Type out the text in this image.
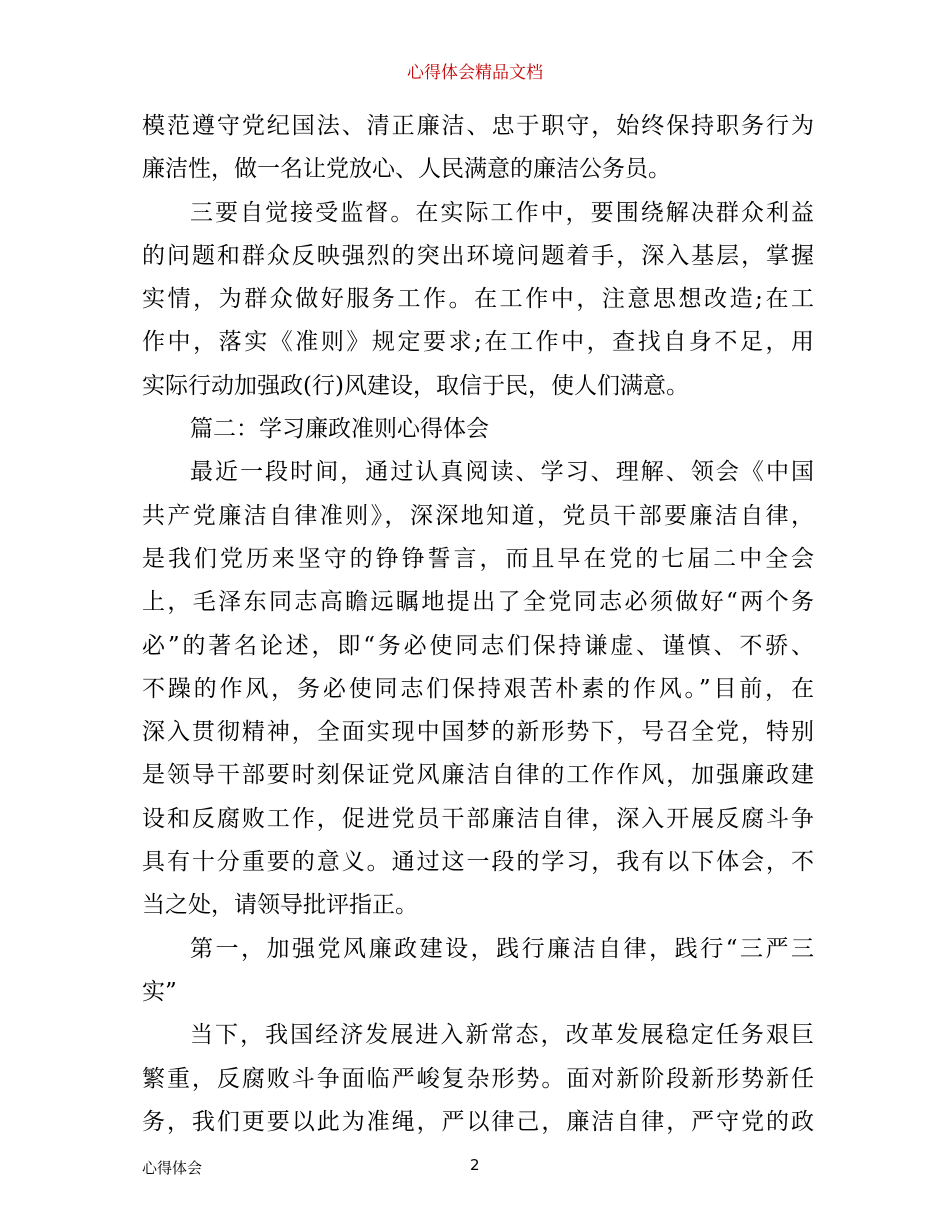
心得体会精品文档
模范遵守党纪国法、清正廉洁、忠于职守，始终保持职务行为
廉洁性，做一名让党放心、人民满意的廉洁公务员。
三要自觉接受监督。在实际工作中，要围绕解决群众利益
的问题和群众反映强烈的突出环境问题着手，深入基层，掌握
实情，为群众做好服务工作。在工作中，注意思想改造;在工
作中，落实《准则》规定要求;在工作中，查找自身不足，用
实际行动加强政(行)风建设，取信于民，使人们满意。
篇二：学习廉政准则心得体会
最近一段时间，通过认真阅读、学习、理解、领会《中国
共产党廉洁自律准则》，深深地知道，党员干部要廉洁自律，
是我们党历来坚守的铮铮誓言，而且早在党的七届二中全会
上，毛泽东同志高瞻远瞩地提出了全党同志必须做好“两个务
必”的著名论述，即“务必使同志们保持谦虚、谨慎、不骄、
不躁的作风，务必使同志们保持艰苦朴素的作风。”目前，在
深入贯彻精神，全面实现中国梦的新形势下，号召全党，特别
是领导干部要时刻保证党风廉洁自律的工作作风，加强廉政建
设和反腐败工作，促进党员干部廉洁自律，深入开展反腐斗争
具有十分重要的意义。通过这一段的学习，我有以下体会，不
当之处，请领导批评指正。
第一，加强党风廉政建设，践行廉洁自律，践行“三严三
实”
当下，我国经济发展进入新常态，改革发展稳定任务艰巨
繁重，反腐败斗争面临严峻复杂形势。面对新阶段新形势新任
务，我们更要以此为准绳，严以律己，廉洁自律，严守党的政
心得体会	2
